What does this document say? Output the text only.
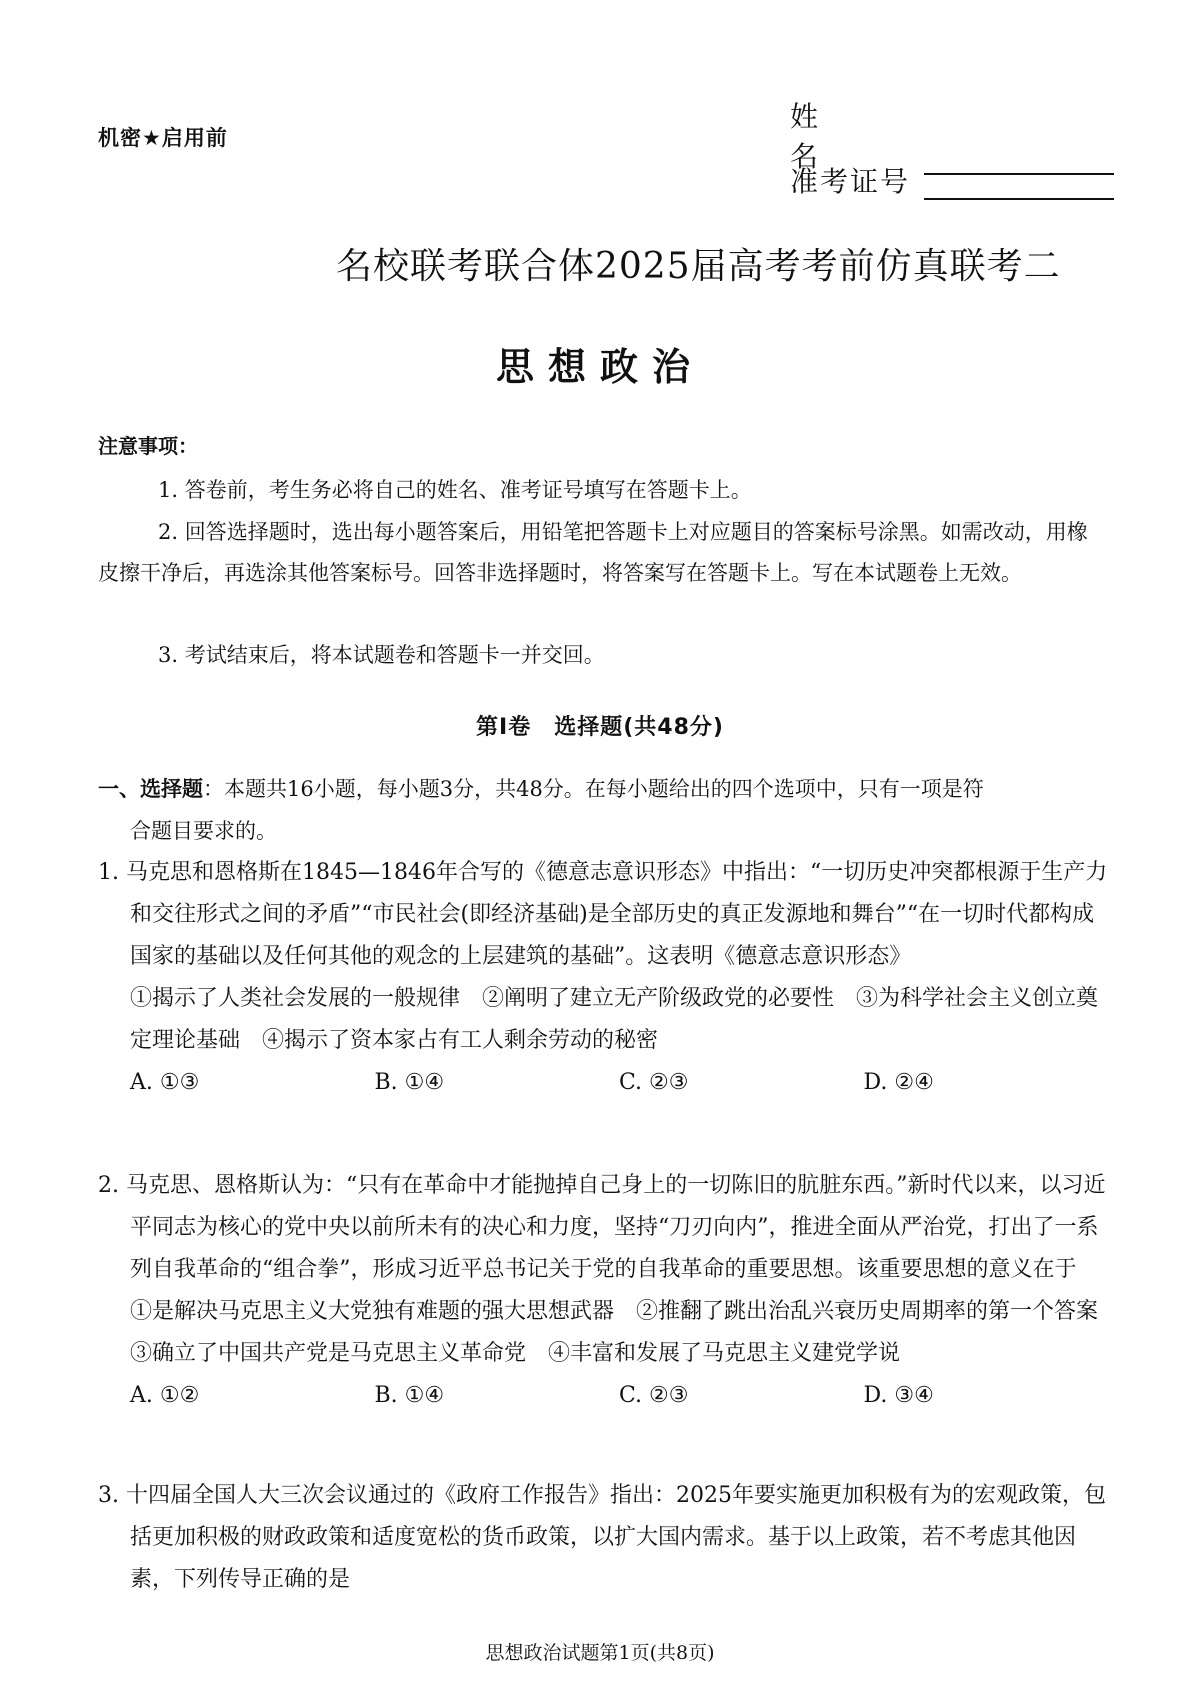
机密★启用前
姓名
准考证号
名校联考联合体2025届高考考前仿真联考二
思想政治
注意事项：

1. 答卷前，考生务必将自己的姓名、准考证号填写在答题卡上。

2. 回答选择题时，选出每小题答案后，用铅笔把答题卡上对应题目的答案标号涂黑。如需改动，用橡皮擦干净后，再选涂其他答案标号。回答非选择题时，将答案写在答题卡上。写在本试题卷上无效。

3. 考试结束后，将本试题卷和答题卡一并交回。

第Ⅰ卷　选择题(共48分)
一、选择题：本题共16小题，每小题3分，共48分。在每小题给出的四个选项中，只有一项是符
合题目要求的。

1. 马克思和恩格斯在1845—1846年合写的《德意志意识形态》中指出：“一切历史冲突都根源于生产力和交往形式之间的矛盾”“市民社会(即经济基础)是全部历史的真正发源地和舞台”“在一切时代都构成国家的基础以及任何其他的观念的上层建筑的基础”。这表明《德意志意识形态》

①揭示了人类社会发展的一般规律　②阐明了建立无产阶级政党的必要性　③为科学社会主义创立奠定理论基础　④揭示了资本家占有工人剩余劳动的秘密

A. ①③	B. ①④	C. ②③	D. ②④

2. 马克思、恩格斯认为：“只有在革命中才能抛掉自己身上的一切陈旧的肮脏东西。”新时代以来，以习近平同志为核心的党中央以前所未有的决心和力度，坚持“刀刃向内”，推进全面从严治党，打出了一系列自我革命的“组合拳”，形成习近平总书记关于党的自我革命的重要思想。该重要思想的意义在于

①是解决马克思主义大党独有难题的强大思想武器　②推翻了跳出治乱兴衰历史周期率的第一个答案　③确立了中国共产党是马克思主义革命党　④丰富和发展了马克思主义建党学说

A. ①②	B. ①④	C. ②③	D. ③④

3. 十四届全国人大三次会议通过的《政府工作报告》指出：2025年要实施更加积极有为的宏观政策，包括更加积极的财政政策和适度宽松的货币政策，以扩大国内需求。基于以上政策，若不考虑其他因素，下列传导正确的是

思想政治试题第1页(共8页)
